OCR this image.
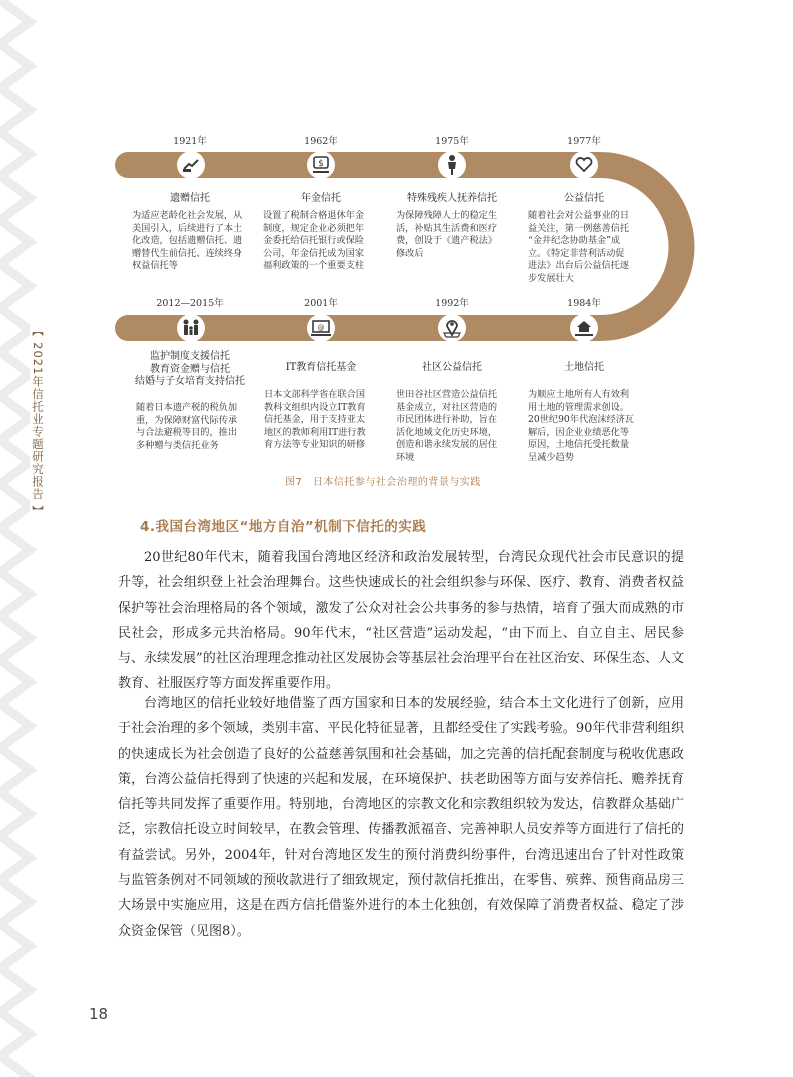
【 2021年信托业专题研究报告 】
1921年	1962年	1975年	1977年
$
遗赠信托	年金信托	特殊残疾人抚养信托	公益信托
为适应老龄化社会发展，从
美国引入，后续进行了本土
化改造，包括遗赠信托、遗
赠替代生前信托、连续终身
权益信托等
设置了税制合格退休年金
制度，规定企业必须把年
金委托给信托银行或保险
公司，年金信托成为国家
福利政策的一个重要支柱
为保障残障人士的稳定生
活，补贴其生活费和医疗
费，创设于《遗产税法》
修改后
随着社会对公益事业的日
益关注，第一例慈善信托
“金井纪念协助基金”成
立。《特定非营利活动促
进法》出台后公益信托逐
步发展壮大
2012—2015年	2001年	1992年	1984年
@
监护制度支援信托
教育资金赠与信托
结婚与子女培育支持信托
IT教育信托基金	社区公益信托	土地信托
随着日本遗产税的税负加
重，为保障财富代际传承
与合法避税等目的，推出
多种赠与类信托业务
日本文部科学省在联合国
教科文组织内设立IT教育
信托基金，用于支持亚太
地区的教师利用IT进行教
育方法等专业知识的研修
世田谷社区营造公益信托
基金成立，对社区营造的
市民团体进行补助，旨在
活化地域文化历史环境，
创造和谐永续发展的居住
环境
为顺应土地所有人有效利
用土地的管理需求创设。
20世纪90年代泡沫经济瓦
解后，因企业业绩恶化等
原因，土地信托受托数量
呈减少趋势
图7　日本信托参与社会治理的背景与实践
4.我国台湾地区“地方自治”机制下信托的实践

20世纪80年代末，随着我国台湾地区经济和政治发展转型，台湾民众现代社会市民意识的提升等，社会组织登上社会治理舞台。这些快速成长的社会组织参与环保、医疗、教育、消费者权益保护等社会治理格局的各个领域，激发了公众对社会公共事务的参与热情，培育了强大而成熟的市民社会，形成多元共治格局。90年代末，“社区营造”运动发起，“由下而上、自立自主、居民参与、永续发展”的社区治理理念推动社区发展协会等基层社会治理平台在社区治安、环保生态、人文教育、社服医疗等方面发挥重要作用。

台湾地区的信托业较好地借鉴了西方国家和日本的发展经验，结合本土文化进行了创新，应用于社会治理的多个领域，类别丰富、平民化特征显著，且都经受住了实践考验。90年代非营利组织的快速成长为社会创造了良好的公益慈善氛围和社会基础，加之完善的信托配套制度与税收优惠政策，台湾公益信托得到了快速的兴起和发展，在环境保护、扶老助困等方面与安养信托、赡养抚育信托等共同发挥了重要作用。特别地，台湾地区的宗教文化和宗教组织较为发达，信教群众基础广泛，宗教信托设立时间较早，在教会管理、传播教派福音、完善神职人员安养等方面进行了信托的有益尝试。另外，2004年，针对台湾地区发生的预付消费纠纷事件，台湾迅速出台了针对性政策与监管条例对不同领域的预收款进行了细致规定，预付款信托推出，在零售、殡葬、预售商品房三大场景中实施应用，这是在西方信托借鉴外进行的本土化独创，有效保障了消费者权益、稳定了涉众资金保管（见图8）。

18
